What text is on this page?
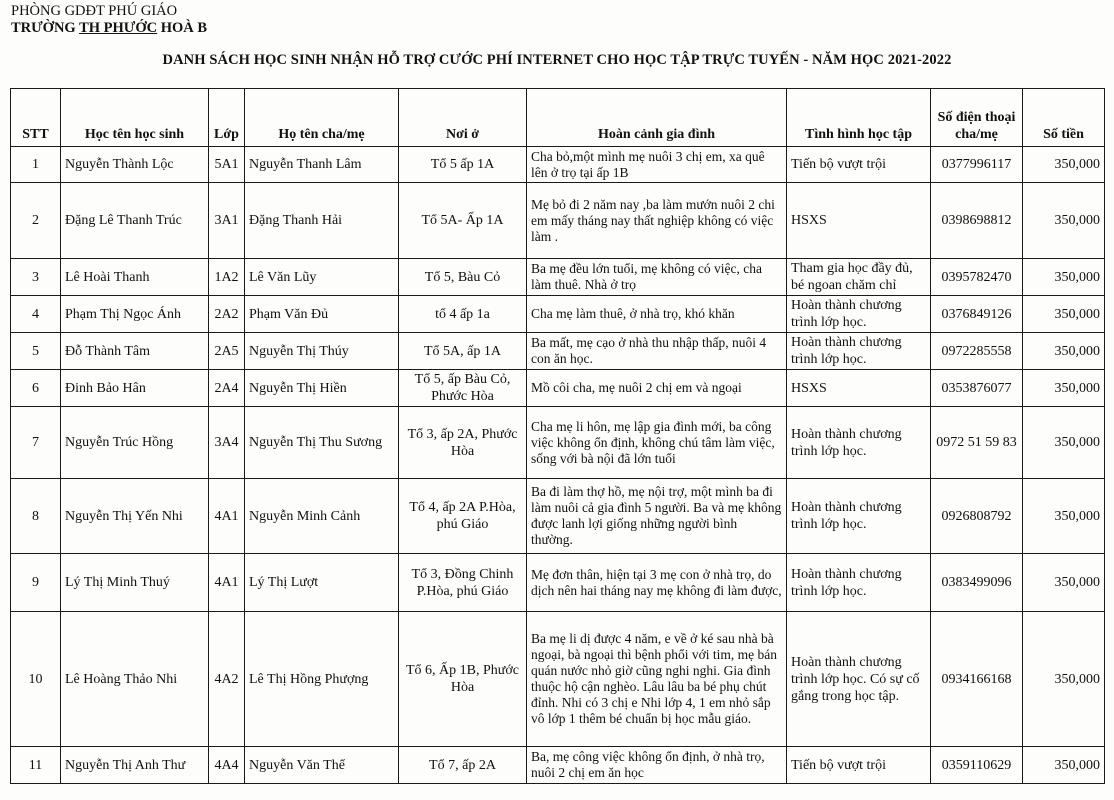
PHÒNG GDĐT PHÚ GIÁO
TRƯỜNG TH PHƯỚC HOÀ B
DANH SÁCH HỌC SINH NHẬN HỖ TRỢ CƯỚC PHÍ INTERNET CHO HỌC TẬP TRỰC TUYẾN - NĂM HỌC 2021-2022
STT	Học tên học sinh	Lớp	Họ tên cha/mẹ	Nơi ở	Hoàn cảnh gia đình	Tình hình học tập	Số điện thoại cha/mẹ	Số tiền
1	Nguyễn Thành Lộc	5A1	Nguyễn Thanh Lâm	Tổ 5 ấp 1A	Cha bỏ,một mình mẹ nuôi 3 chị em, xa quê lên ở trọ tại ấp 1B	Tiến bộ vượt trội	0377996117	350,000
2	Đặng Lê Thanh Trúc	3A1	Đặng Thanh Hải	Tổ 5A- Ấp 1A	Mẹ bỏ đi 2 năm nay ,ba làm mướn nuôi 2 chi em mấy tháng nay thất nghiệp không có việc làm .	HSXS	0398698812	350,000
3	Lê Hoài Thanh	1A2	Lê Văn Lũy	Tổ 5, Bàu Cỏ	Ba mẹ đều lớn tuổi, mẹ không có việc, cha làm thuê. Nhà ở trọ	Tham gia học đầy đủ, bé ngoan chăm chỉ	0395782470	350,000
4	Phạm Thị Ngọc Ánh	2A2	Phạm Văn Đủ	tổ 4 ấp 1a	Cha mẹ làm thuê, ở nhà trọ, khó khăn	Hoàn thành chương trình lớp học.	0376849126	350,000
5	Đỗ Thành Tâm	2A5	Nguyễn Thị Thúy	Tổ 5A, ấp 1A	Ba mất, mẹ cạo ở nhà thu nhập thấp, nuôi 4 con ăn học.	Hoàn thành chương trình lớp học.	0972285558	350,000
6	Đinh Bảo Hân	2A4	Nguyễn Thị Hiền	Tổ 5, ấp Bàu Cỏ, Phước Hòa	Mồ côi cha, mẹ nuôi 2 chị em và ngoại	HSXS	0353876077	350,000
7	Nguyễn Trúc Hồng	3A4	Nguyễn Thị Thu Sương	Tổ 3, ấp 2A, Phước Hòa	Cha mẹ li hôn, mẹ lập gia đình mới, ba công việc không ổn định, không chú tâm làm việc, sống với bà nội đã lớn tuổi	Hoàn thành chương trình lớp học.	0972 51 59 83	350,000
8	Nguyễn Thị Yến Nhi	4A1	Nguyễn Minh Cảnh	Tổ 4, ấp 2A P.Hòa, phú Giáo	Ba đi làm thợ hồ, mẹ nội trợ, một mình ba đi làm nuôi cả gia đình 5 người. Ba và mẹ không được lanh lợi giống những người bình thường.	Hoàn thành chương trình lớp học.	0926808792	350,000
9	Lý Thị Minh Thuý	4A1	Lý Thị Lượt	Tổ 3, Đồng Chinh P.Hòa, phú Giáo	Mẹ đơn thân, hiện tại 3 mẹ con ở nhà trọ, do dịch nên hai tháng nay mẹ không đi làm được,	Hoàn thành chương trình lớp học.	0383499096	350,000
10	Lê Hoàng Thảo Nhi	4A2	Lê Thị Hồng Phượng	Tổ 6, Ấp 1B, Phước Hòa	Ba mẹ li dị được 4 năm, e về ở ké sau nhà bà ngoại, bà ngoại thì bệnh phổi với tim, mẹ bán quán nước nhỏ giờ cũng nghi nghi. Gia đình thuộc hộ cận nghèo. Lâu lâu ba bé phụ chút đỉnh. Nhi có 3 chị e Nhi lớp 4, 1 em nhỏ sắp vô lớp 1 thêm bé chuẩn bị học mẫu giáo.	Hoàn thành chương trình lớp học. Có sự cố gắng trong học tập.	0934166168	350,000
11	Nguyễn Thị Anh Thư	4A4	Nguyễn Văn Thể	Tổ 7, ấp 2A	Ba, mẹ công việc không ổn định, ở nhà trọ, nuôi 2 chị em ăn học	Tiến bộ vượt trội	0359110629	350,000
